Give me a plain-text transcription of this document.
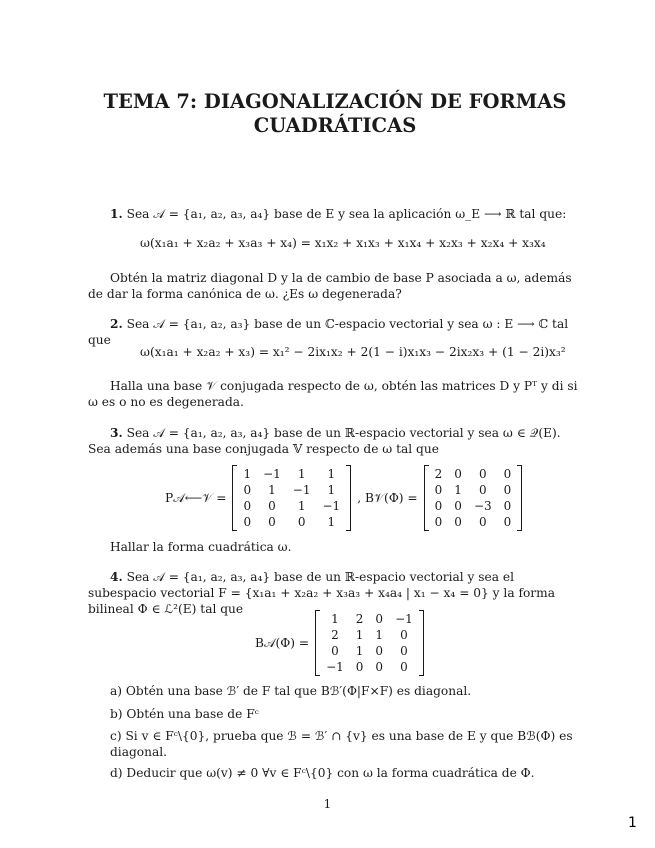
TEMA 7: DIAGONALIZACIÓN DE FORMAS
CUADRÁTICAS
1. Sea 𝒜 = {a₁, a₂, a₃, a₄} base de E y sea la aplicación ω_E ⟶ ℝ tal que:
ω(x₁a₁ + x₂a₂ + x₃a₃ + x₄) = x₁x₂ + x₁x₃ + x₁x₄ + x₂x₃ + x₂x₄ + x₃x₄
Obtén la matriz diagonal D y la de cambio de base P asociada a ω, además de dar la forma canónica de ω. ¿Es ω degenerada?
2. Sea 𝒜 = {a₁, a₂, a₃} base de un ℂ-espacio vectorial y sea ω : E ⟶ ℂ tal que
ω(x₁a₁ + x₂a₂ + x₃) = x₁² − 2ix₁x₂ + 2(1 − i)x₁x₃ − 2ix₂x₃ + (1 − 2i)x₃²
Halla una base 𝒱 conjugada respecto de ω, obtén las matrices D y Pᵀ y di si ω es o no es degenerada.
3. Sea 𝒜 = {a₁, a₂, a₃, a₄} base de un ℝ-espacio vectorial y sea ω ∈ 𝒬(E). Sea además una base conjugada 𝕍 respecto de ω tal que
P𝒜⟵𝒱 =
1	−1	1	1
0	1	−1	1
0	0	1	−1
0	0	0	1
, B𝒱(Φ) =
2	0	0	0
0	1	0	0
0	0	−3	0
0	0	0	0
Hallar la forma cuadrática ω.
4. Sea 𝒜 = {a₁, a₂, a₃, a₄} base de un ℝ-espacio vectorial y sea el subespacio vectorial F = {x₁a₁ + x₂a₂ + x₃a₃ + x₄a₄ | x₁ − x₄ = 0} y la forma bilineal Φ ∈ ℒ²(E) tal que
B𝒜(Φ) =
1	2	0	−1
2	1	1	0
0	1	0	0
−1	0	0	0
a) Obtén una base ℬ′ de F tal que Bℬ′(Φ|F×F) es diagonal.
b) Obtén una base de Fᶜ
c) Si v ∈ Fᶜ\{0}, prueba que ℬ = ℬ′ ∩ {v} es una base de E y que Bℬ(Φ) es diagonal.
d) Deducir que ω(v) ≠ 0 ∀v ∈ Fᶜ\{0} con ω la forma cuadrática de Φ.
1
1
